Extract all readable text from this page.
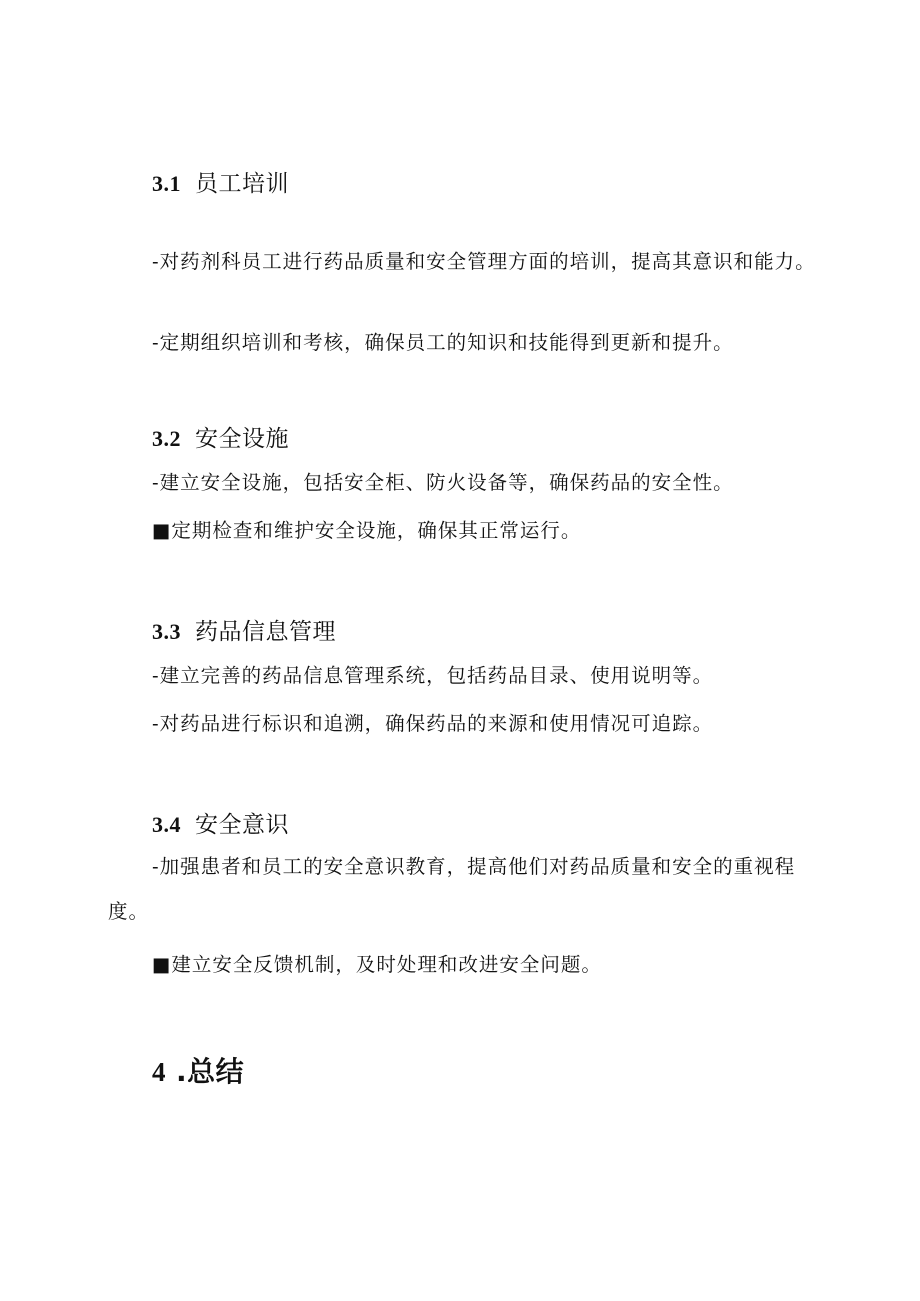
3.1 员工培训

-对药剂科员工进行药品质量和安全管理方面的培训，提高其意识和能力。

-定期组织培训和考核，确保员工的知识和技能得到更新和提升。

3.2 安全设施

-建立安全设施，包括安全柜、防火设备等，确保药品的安全性。

■定期检查和维护安全设施，确保其正常运行。

3.3 药品信息管理

-建立完善的药品信息管理系统，包括药品目录、使用说明等。

-对药品进行标识和追溯，确保药品的来源和使用情况可追踪。

3.4 安全意识

-加强患者和员工的安全意识教育，提高他们对药品质量和安全的重视程度。

■建立安全反馈机制，及时处理和改进安全问题。

4 .总结
